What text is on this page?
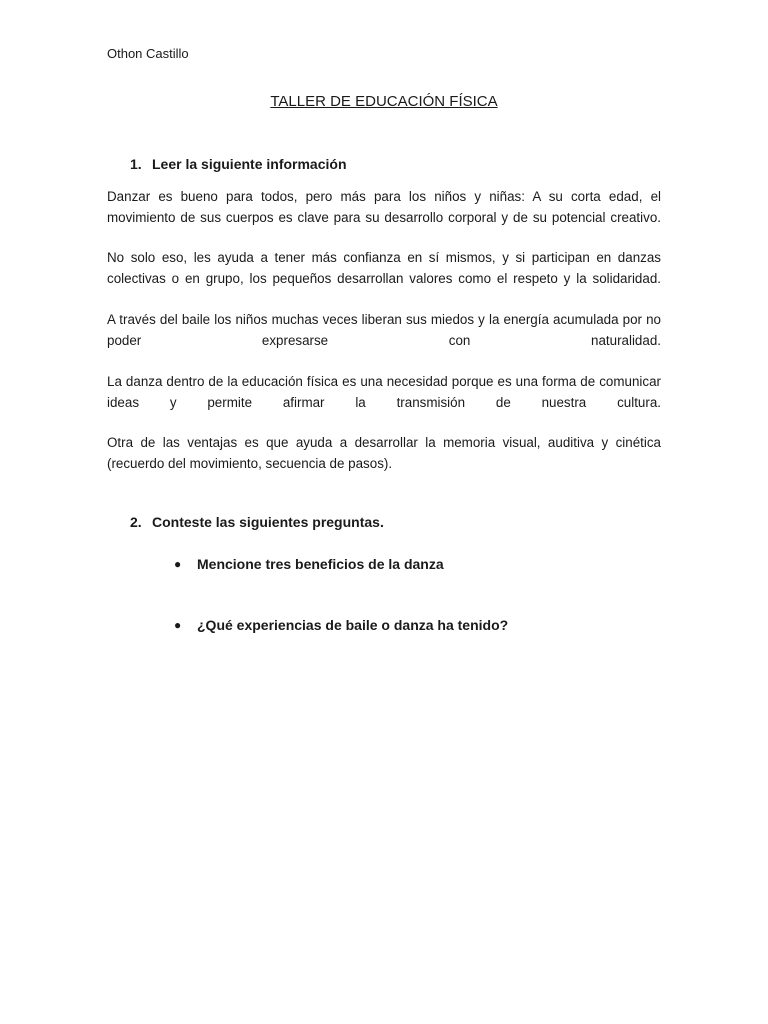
Othon Castillo
TALLER DE EDUCACIÓN FÍSICA
1. Leer la siguiente información
Danzar es bueno para todos, pero más para los niños y niñas: A su corta edad, el movimiento de sus cuerpos es clave para su desarrollo corporal y de su potencial creativo.
No solo eso, les ayuda a tener más confianza en sí mismos, y si participan en danzas colectivas o en grupo, los pequeños desarrollan valores como el respeto y la solidaridad.
A través del baile los niños muchas veces liberan sus miedos y la energía acumulada por no poder expresarse con naturalidad.
La danza dentro de la educación física es una necesidad porque es una forma de comunicar ideas y permite afirmar la transmisión de nuestra cultura.
Otra de las ventajas es que ayuda a desarrollar la memoria visual, auditiva y cinética (recuerdo del movimiento, secuencia de pasos).
2. Conteste las siguientes preguntas.
● Mencione tres beneficios de la danza
● ¿Qué experiencias de baile o danza ha tenido?
